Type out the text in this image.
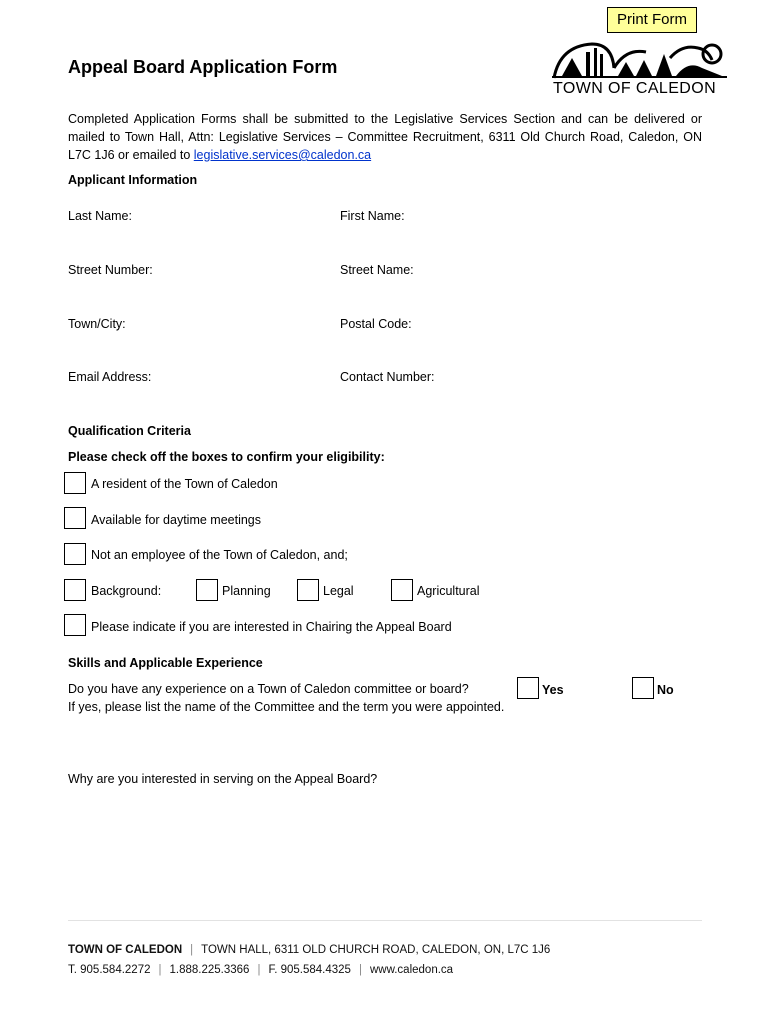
Print Form
TOWN OF CALEDON
Appeal Board Application Form
Completed Application Forms shall be submitted to the Legislative Services Section and can be delivered or mailed to Town Hall, Attn: Legislative Services – Committee Recruitment, 6311 Old Church Road, Caledon, ON L7C 1J6 or emailed to legislative.services@caledon.ca
Applicant Information
Last Name:	First Name:
Street Number:	Street Name:
Town/City:	Postal Code:
Email Address:	Contact Number:
Qualification Criteria
Please check off the boxes to confirm your eligibility:
A resident of the Town of Caledon
Available for daytime meetings
Not an employee of the Town of Caledon, and;
Background:	Planning	Legal	Agricultural
Please indicate if you are interested in Chairing the Appeal Board
Skills and Applicable Experience
Do you have any experience on a Town of Caledon committee or board?
If yes, please list the name of the Committee and the term you were appointed.
Yes	No
Why are you interested in serving on the Appeal Board?
TOWN OF CALEDON | TOWN HALL, 6311 OLD CHURCH ROAD, CALEDON, ON, L7C 1J6
T. 905.584.2272 | 1.888.225.3366 | F. 905.584.4325 | www.caledon.ca
